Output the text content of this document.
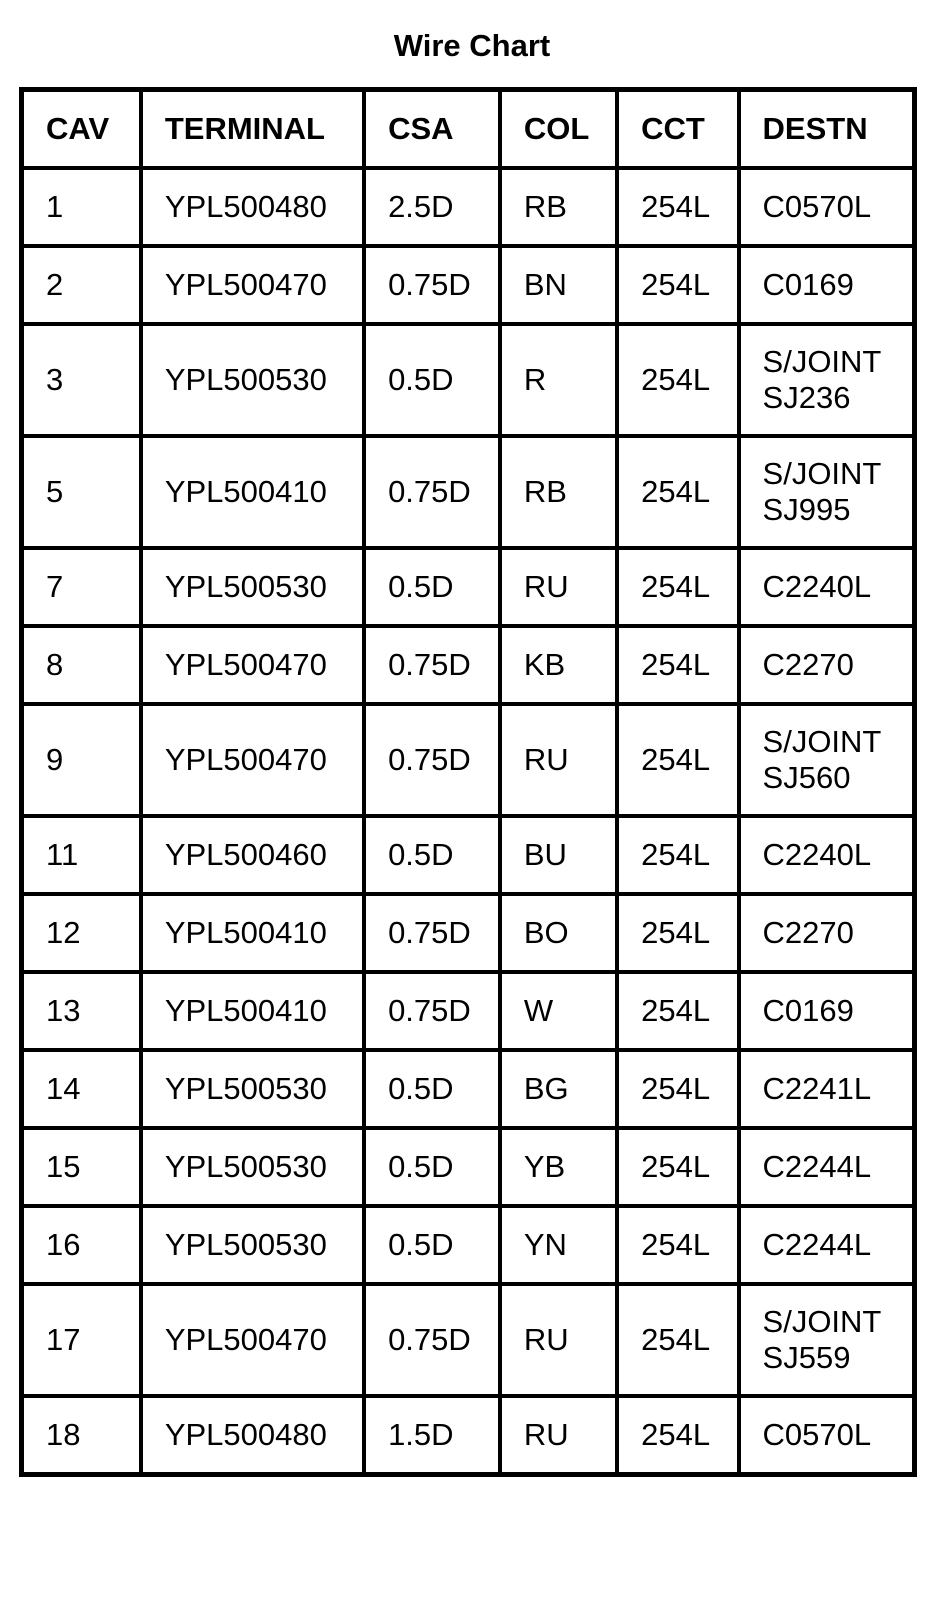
Wire Chart
CAV	TERMINAL	CSA	COL	CCT	DESTN
1	YPL500480	2.5D	RB	254L	C0570L

2	YPL500470	0.75D	BN	254L	C0169

3	YPL500530	0.5D	R	254L	S/JOINT
SJ236

5	YPL500410	0.75D	RB	254L	S/JOINT
SJ995

7	YPL500530	0.5D	RU	254L	C2240L

8	YPL500470	0.75D	KB	254L	C2270

9	YPL500470	0.75D	RU	254L	S/JOINT
SJ560

11	YPL500460	0.5D	BU	254L	C2240L

12	YPL500410	0.75D	BO	254L	C2270

13	YPL500410	0.75D	W	254L	C0169

14	YPL500530	0.5D	BG	254L	C2241L

15	YPL500530	0.5D	YB	254L	C2244L

16	YPL500530	0.5D	YN	254L	C2244L

17	YPL500470	0.75D	RU	254L	S/JOINT
SJ559

18	YPL500480	1.5D	RU	254L	C0570L
